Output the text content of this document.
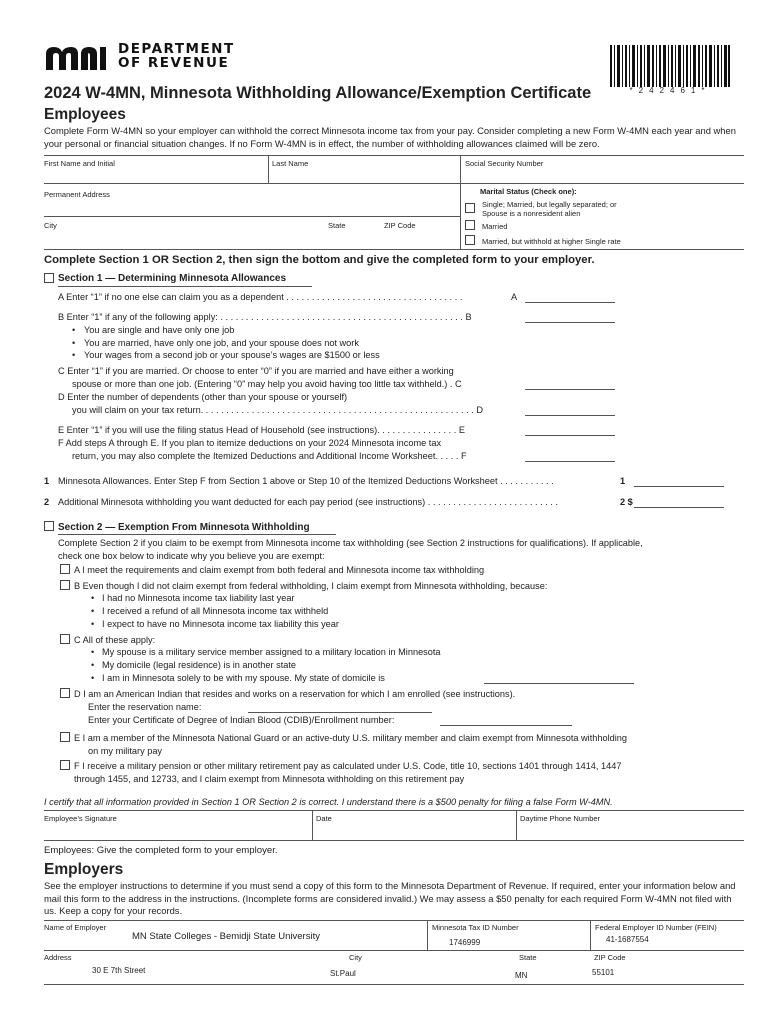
DEPARTMENT
OF REVENUE
*242461*
2024 W-4MN, Minnesota Withholding Allowance/Exemption Certificate
Employees
Complete Form W-4MN so your employer can withhold the correct Minnesota income tax from your pay. Consider completing a new Form W-4MN each year and when your personal or financial situation changes. If no Form W-4MN is in effect, the number of withholding allowances claimed will be zero.
First Name and Initial	Last Name	Social Security Number
Permanent Address
City	State	ZIP Code
Marital Status (Check one):
Single; Married, but legally separated; or
Spouse is a nonresident alien
Married
Married, but withhold at higher Single rate
Complete Section 1 OR Section 2, then sign the bottom and give the completed form to your employer.
Section 1 — Determining Minnesota Allowances
A Enter “1” if no one else can claim you as a dependent . . . . . . . . . . . . . . . . . . . . . . . . . . . . . . . . . . .	A
B Enter “1” if any of the following apply: . . . . . . . . . . . . . . . . . . . . . . . . . . . . . . . . . . . . . . . . . . . . . . . . B
• You are single and have only one job
• You are married, have only one job, and your spouse does not work
• Your wages from a second job or your spouse’s wages are $1500 or less
C Enter “1” if you are married. Or choose to enter “0” if you are married and have either a working
spouse or more than one job. (Entering “0” may help you avoid having too little tax withheld.) . C
D Enter the number of dependents (other than your spouse or yourself)
you will claim on your tax return. . . . . . . . . . . . . . . . . . . . . . . . . . . . . . . . . . . . . . . . . . . . . . . . . . . . . . D
E Enter “1” if you will use the filing status Head of Household (see instructions). . . . . . . . . . . . . . . . E
F Add steps A through E. If you plan to itemize deductions on your 2024 Minnesota income tax
return, you may also complete the Itemized Deductions and Additional Income Worksheet. . . . . F
1 Minnesota Allowances. Enter Step F from Section 1 above or Step 10 of the Itemized Deductions Worksheet . . . . . . . . . . .	1
2 Additional Minnesota withholding you want deducted for each pay period (see instructions) . . . . . . . . . . . . . . . . . . . . . . . . . .	2 $
Section 2 — Exemption From Minnesota Withholding
Complete Section 2 if you claim to be exempt from Minnesota income tax withholding (see Section 2 instructions for qualifications). If applicable,
check one box below to indicate why you believe you are exempt:
A I meet the requirements and claim exempt from both federal and Minnesota income tax withholding
B Even though I did not claim exempt from federal withholding, I claim exempt from Minnesota withholding, because:
• I had no Minnesota income tax liability last year
• I received a refund of all Minnesota income tax withheld
• I expect to have no Minnesota income tax liability this year
C All of these apply:
• My spouse is a military service member assigned to a military location in Minnesota
• My domicile (legal residence) is in another state
• I am in Minnesota solely to be with my spouse. My state of domicile is
D I am an American Indian that resides and works on a reservation for which I am enrolled (see instructions).
Enter the reservation name:
Enter your Certificate of Degree of Indian Blood (CDIB)/Enrollment number:
E I am a member of the Minnesota National Guard or an active-duty U.S. military member and claim exempt from Minnesota withholding
on my military pay
F I receive a military pension or other military retirement pay as calculated under U.S. Code, title 10, sections 1401 through 1414, 1447
through 1455, and 12733, and I claim exempt from Minnesota withholding on this retirement pay
I certify that all information provided in Section 1 OR Section 2 is correct. I understand there is a $500 penalty for filing a false Form W-4MN.
Employee’s Signature	Date	Daytime Phone Number
Employees: Give the completed form to your employer.
Employers
See the employer instructions to determine if you must send a copy of this form to the Minnesota Department of Revenue. If required, enter your information below and mail this form to the address in the instructions. (Incomplete forms are considered invalid.) We may assess a $50 penalty for each required Form W-4MN not filed with us. Keep a copy for your records.
Name of Employer
MN State Colleges - Bemidji State University
Minnesota Tax ID Number
1746999
Federal Employer ID Number (FEIN)
41-1687554
Address
30 E 7th Street
City
St.Paul
State
MN
ZIP Code
55101
